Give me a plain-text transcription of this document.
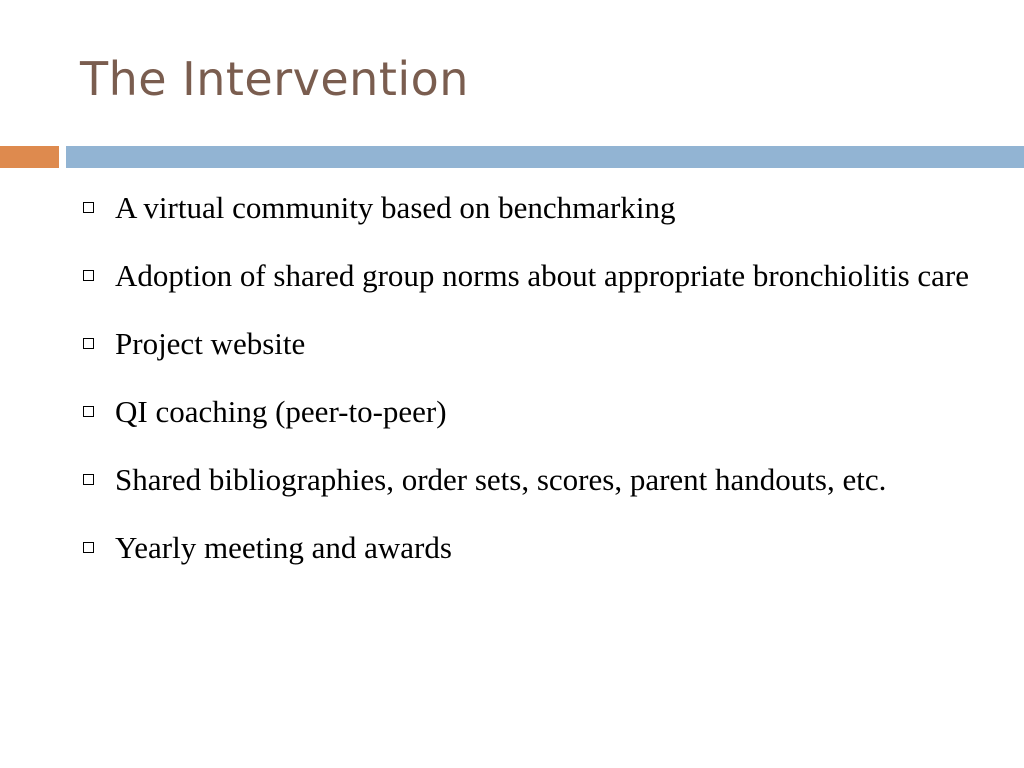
The Intervention
A virtual community based on benchmarking
Adoption of shared group norms about appropriate bronchiolitis care
Project website
QI coaching (peer-to-peer)
Shared bibliographies, order sets, scores, parent handouts, etc.
Yearly meeting and awards
